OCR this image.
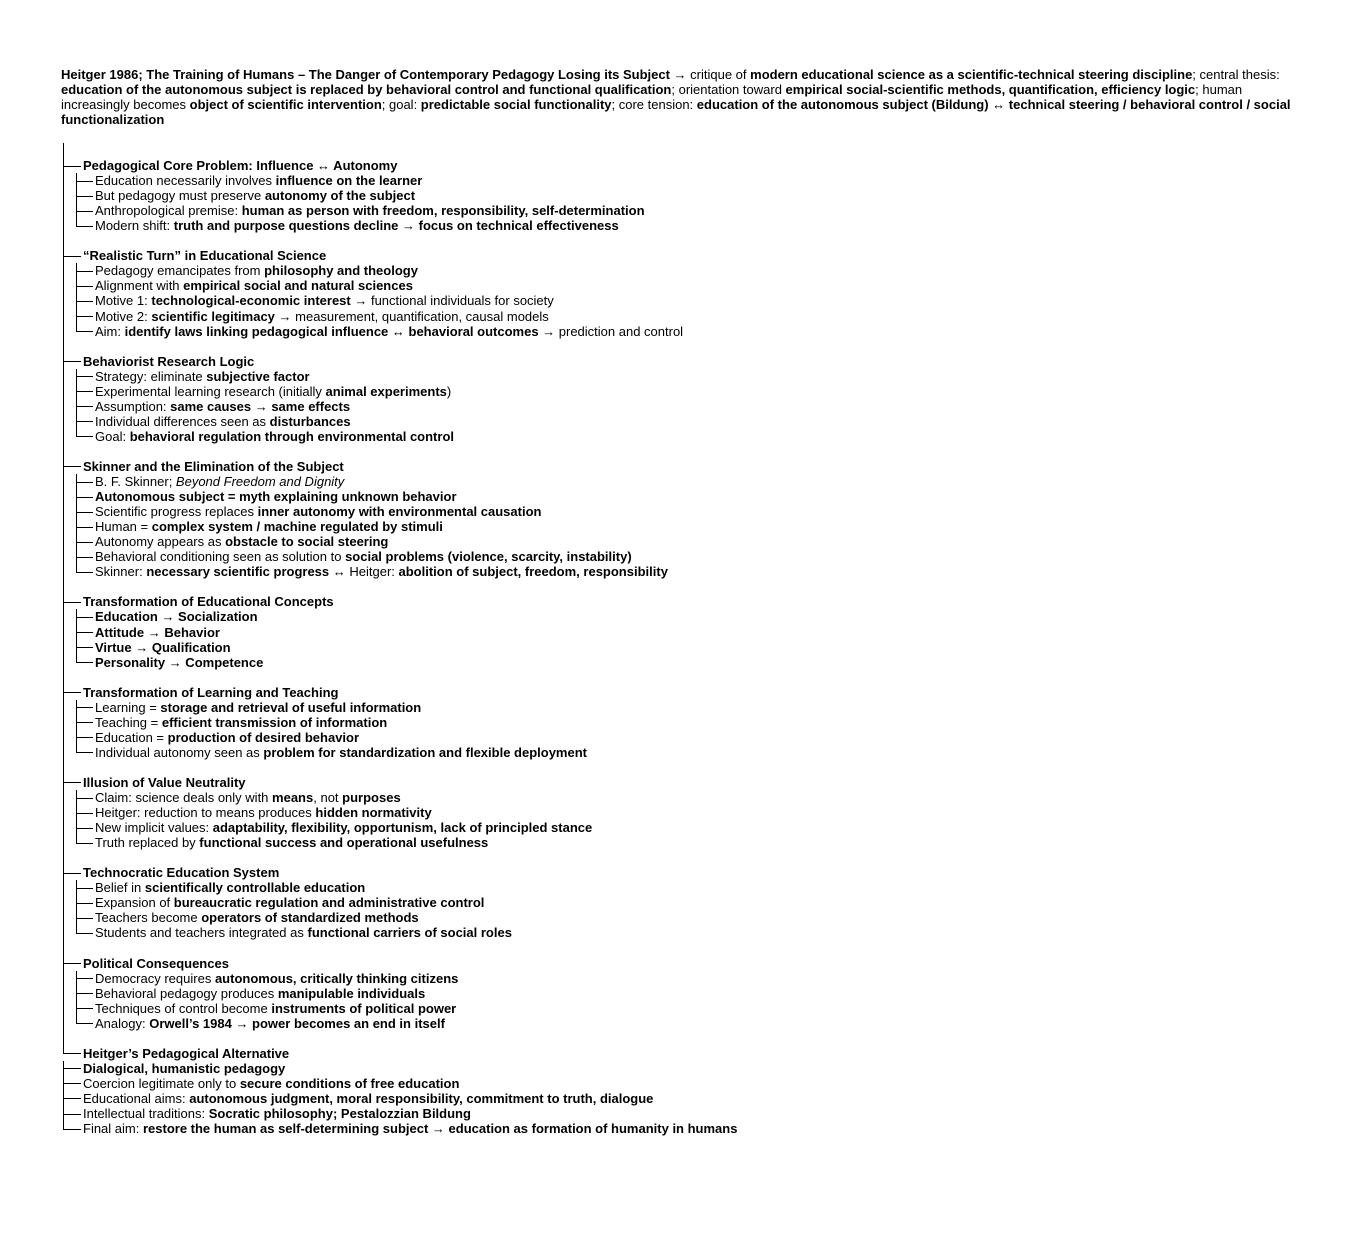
Heitger 1986; The Training of Humans – The Danger of Contemporary Pedagogy Losing its Subject → critique of modern educational science as a scientific-technical steering discipline; central thesis: education of the autonomous subject is replaced by behavioral control and functional qualification; orientation toward empirical social-scientific methods, quantification, efficiency logic; human increasingly becomes object of scientific intervention; goal: predictable social functionality; core tension: education of the autonomous subject (Bildung) ↔ technical steering / behavioral control / social functionalization

Pedagogical Core Problem: Influence ↔ Autonomy
Education necessarily involves influence on the learner
But pedagogy must preserve autonomy of the subject
Anthropological premise: human as person with freedom, responsibility, self-determination
Modern shift: truth and purpose questions decline → focus on technical effectiveness
“Realistic Turn” in Educational Science
Pedagogy emancipates from philosophy and theology
Alignment with empirical social and natural sciences
Motive 1: technological-economic interest → functional individuals for society
Motive 2: scientific legitimacy → measurement, quantification, causal models
Aim: identify laws linking pedagogical influence ↔ behavioral outcomes → prediction and control
Behaviorist Research Logic
Strategy: eliminate subjective factor
Experimental learning research (initially animal experiments)
Assumption: same causes → same effects
Individual differences seen as disturbances
Goal: behavioral regulation through environmental control
Skinner and the Elimination of the Subject
B. F. Skinner; Beyond Freedom and Dignity
Autonomous subject = myth explaining unknown behavior
Scientific progress replaces inner autonomy with environmental causation
Human = complex system / machine regulated by stimuli
Autonomy appears as obstacle to social steering
Behavioral conditioning seen as solution to social problems (violence, scarcity, instability)
Skinner: necessary scientific progress ↔ Heitger: abolition of subject, freedom, responsibility
Transformation of Educational Concepts
Education → Socialization
Attitude → Behavior
Virtue → Qualification
Personality → Competence
Transformation of Learning and Teaching
Learning = storage and retrieval of useful information
Teaching = efficient transmission of information
Education = production of desired behavior
Individual autonomy seen as problem for standardization and flexible deployment
Illusion of Value Neutrality
Claim: science deals only with means, not purposes
Heitger: reduction to means produces hidden normativity
New implicit values: adaptability, flexibility, opportunism, lack of principled stance
Truth replaced by functional success and operational usefulness
Technocratic Education System
Belief in scientifically controllable education
Expansion of bureaucratic regulation and administrative control
Teachers become operators of standardized methods
Students and teachers integrated as functional carriers of social roles
Political Consequences
Democracy requires autonomous, critically thinking citizens
Behavioral pedagogy produces manipulable individuals
Techniques of control become instruments of political power
Analogy: Orwell’s 1984 → power becomes an end in itself
Heitger’s Pedagogical Alternative
Dialogical, humanistic pedagogy
Coercion legitimate only to secure conditions of free education
Educational aims: autonomous judgment, moral responsibility, commitment to truth, dialogue
Intellectual traditions: Socratic philosophy; Pestalozzian Bildung
Final aim: restore the human as self-determining subject → education as formation of humanity in humans
